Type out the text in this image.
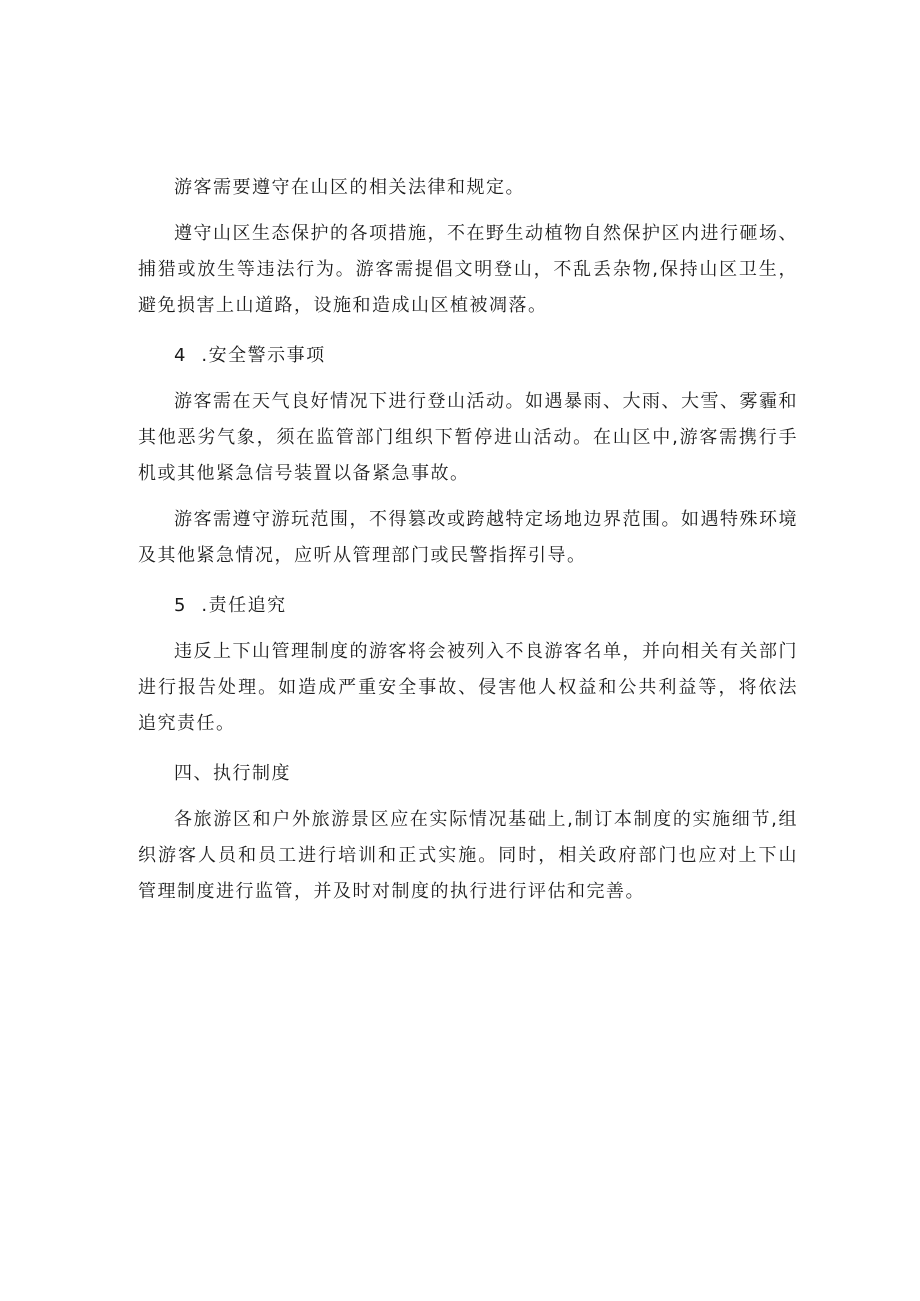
游客需要遵守在山区的相关法律和规定。

遵守山区生态保护的各项措施，不在野生动植物自然保护区内进行砸场、捕猎或放生等违法行为。游客需提倡文明登山，不乱丢杂物,保持山区卫生，避免损害上山道路，设施和造成山区植被凋落。

4  .安全警示事项

游客需在天气良好情况下进行登山活动。如遇暴雨、大雨、大雪、雾霾和其他恶劣气象，须在监管部门组织下暂停进山活动。在山区中,游客需携行手机或其他紧急信号装置以备紧急事故。

游客需遵守游玩范围，不得篡改或跨越特定场地边界范围。如遇特殊环境及其他紧急情况，应听从管理部门或民警指挥引导。

5  .责任追究

违反上下山管理制度的游客将会被列入不良游客名单，并向相关有关部门进行报告处理。如造成严重安全事故、侵害他人权益和公共利益等，将依法追究责任。

四、执行制度

各旅游区和户外旅游景区应在实际情况基础上,制订本制度的实施细节,组织游客人员和员工进行培训和正式实施。同时，相关政府部门也应对上下山管理制度进行监管，并及时对制度的执行进行评估和完善。
